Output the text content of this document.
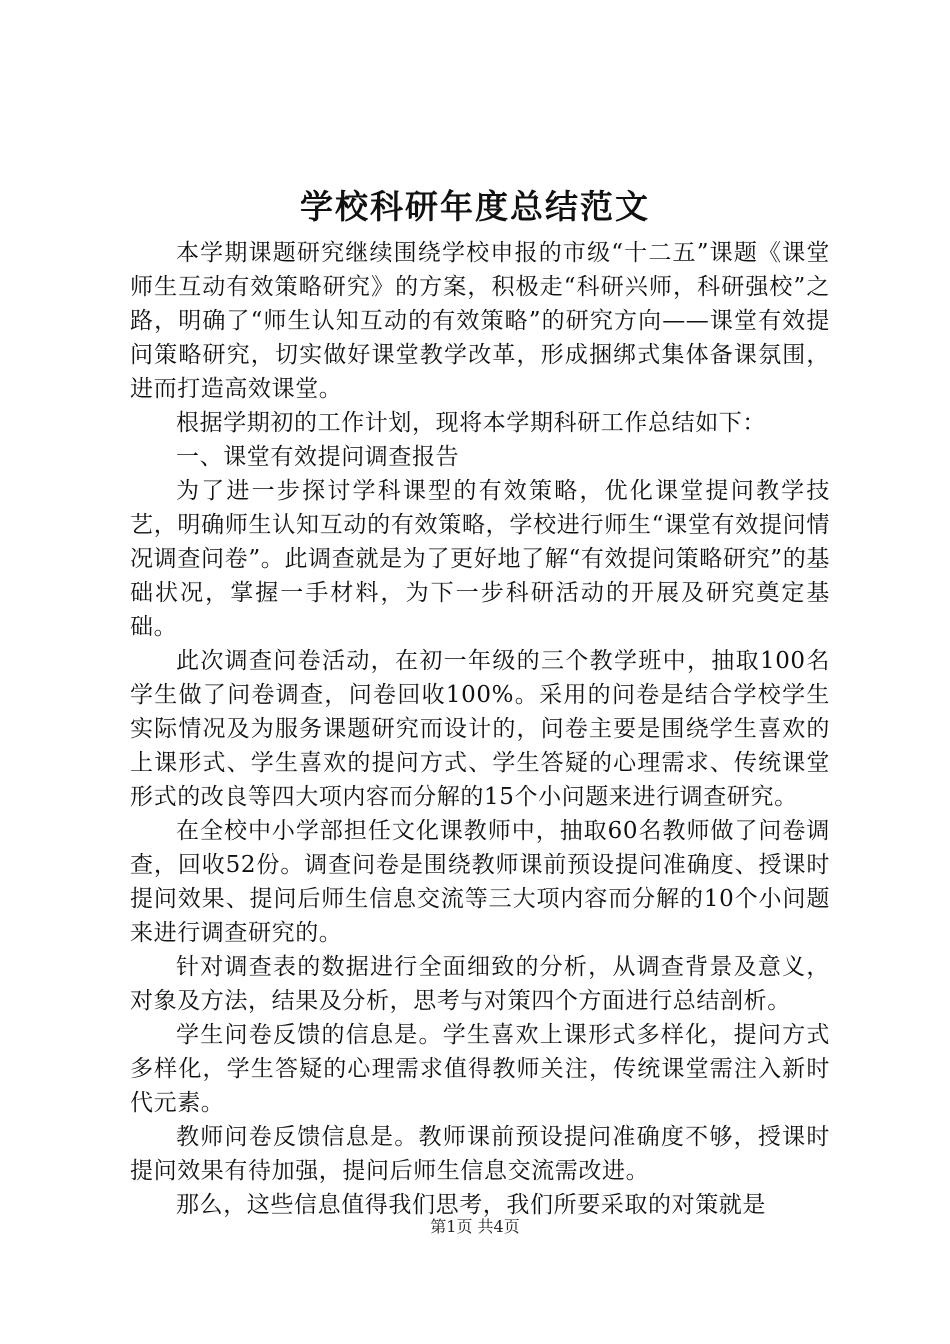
学校科研年度总结范文

本学期课题研究继续围绕学校申报的市级“十二五”课题《课堂师生互动有效策略研究》的方案，积极走“科研兴师，科研强校”之路，明确了“师生认知互动的有效策略”的研究方向——课堂有效提问策略研究，切实做好课堂教学改革，形成捆绑式集体备课氛围，进而打造高效课堂。

根据学期初的工作计划，现将本学期科研工作总结如下：

一、课堂有效提问调查报告

为了进一步探讨学科课型的有效策略，优化课堂提问教学技艺，明确师生认知互动的有效策略，学校进行师生“课堂有效提问情况调查问卷”。此调查就是为了更好地了解“有效提问策略研究”的基础状况，掌握一手材料，为下一步科研活动的开展及研究奠定基础。

此次调查问卷活动，在初一年级的三个教学班中，抽取100名学生做了问卷调查，问卷回收100%。采用的问卷是结合学校学生实际情况及为服务课题研究而设计的，问卷主要是围绕学生喜欢的上课形式、学生喜欢的提问方式、学生答疑的心理需求、传统课堂形式的改良等四大项内容而分解的15个小问题来进行调查研究。

在全校中小学部担任文化课教师中，抽取60名教师做了问卷调查，回收52份。调查问卷是围绕教师课前预设提问准确度、授课时提问效果、提问后师生信息交流等三大项内容而分解的10个小问题来进行调查研究的。

针对调查表的数据进行全面细致的分析，从调查背景及意义，对象及方法，结果及分析，思考与对策四个方面进行总结剖析。

学生问卷反馈的信息是。学生喜欢上课形式多样化，提问方式多样化，学生答疑的心理需求值得教师关注，传统课堂需注入新时代元素。

教师问卷反馈信息是。教师课前预设提问准确度不够，授课时提问效果有待加强，提问后师生信息交流需改进。

那么，这些信息值得我们思考，我们所要采取的对策就是

第1页 共4页
